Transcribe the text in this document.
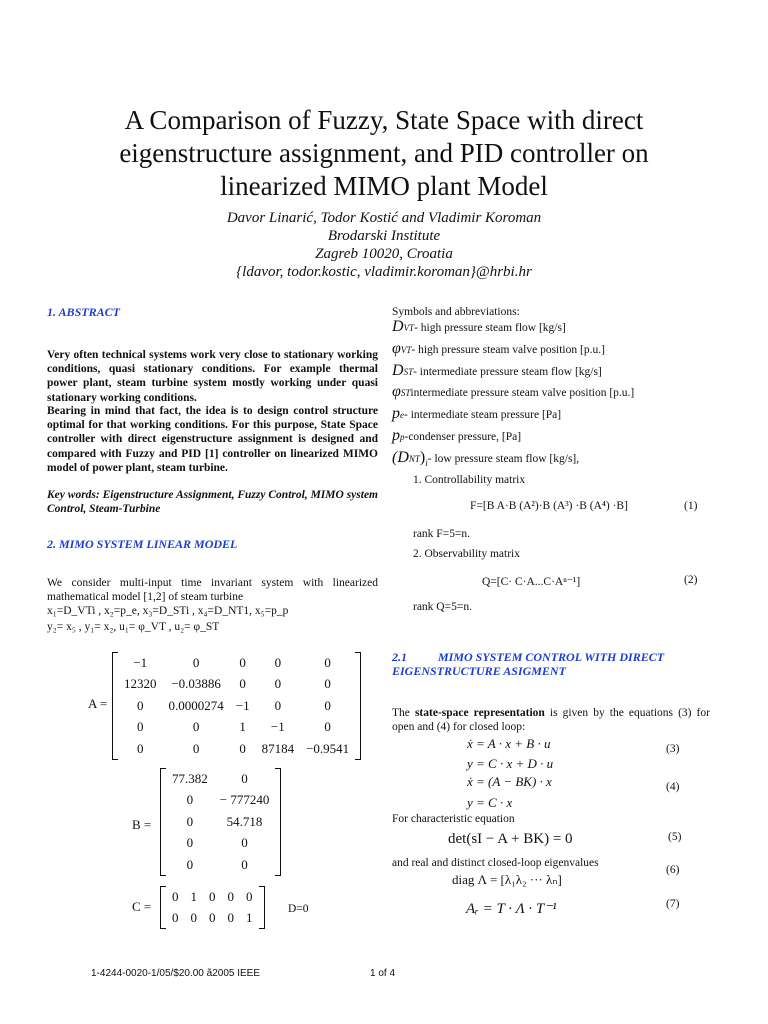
A Comparison of Fuzzy, State Space with direct
eigenstructure assignment, and PID controller on
linearized MIMO plant Model
Davor Linarić, Todor Kostić and Vladimir Koroman
Brodarski Institute
Zagreb 10020, Croatia
{ldavor, todor.kostic, vladimir.koroman}@hrbi.hr
1. ABSTRACT
Very often technical systems work very close to stationary working conditions, quasi stationary conditions. For example thermal power plant, steam turbine system mostly working under quasi stationary working conditions.
Bearing in mind that fact, the idea is to design control structure optimal for that working conditions. For this purpose, State Space controller with direct eigenstructure assignment is designed and compared with Fuzzy and PID [1] controller on linearized MIMO model of power plant, steam turbine.
Key words: Eigenstructure Assignment, Fuzzy Control, MIMO system Control, Steam-Turbine
2. MIMO SYSTEM LINEAR MODEL
We consider multi-input time invariant system with linearized mathematical model [1,2] of steam turbine
x₁=D_VTi , x₂=p_e, x₃=D_STi , x₄=D_NT1, x₅=p_p
y₂= x₅ , y₁= x₂, u₁= φ_VT , u₂= φ_ST
A =
−1	0	0	0	0
12320	−0.03886	0	0	0
0	0.0000274	−1	0	0
0	0	1	−1	0
0	0	0	87184	−0.9541
B =
77.382	0
0	− 777240
0	54.718
0	0
0	0
C =
0	1	0	0	0
0	0	0	0	1
D=0
Symbols and abbreviations:
D VT - high pressure steam flow [kg/s]
φ VT - high pressure steam valve position [p.u.]
D ST - intermediate pressure steam flow [kg/s]
φ ST intermediate pressure steam valve position [p.u.]
p e - intermediate steam pressure [Pa]
p p -condenser pressure, [Pa]
(D NT )$_i$ - low pressure steam flow [kg/s],
1. Controllability matrix
F=[B A·B (A²)·B (A³) ·B (A⁴) ·B]	(1)
rank F=5=n.
2. Observability matrix
Q=[C· C·A...C·Aⁿ⁻¹]	(2)
rank Q=5=n.
2.1	MIMO SYSTEM CONTROL WITH DIRECT
EIGENSTRUCTURE ASIGMENT
The state-space representation is given by the equations (3) for open and (4) for closed loop:
ẋ = A · x + B · u
y = C · x + D · u
(3)
ẋ = (A − BK) · x
y = C · x
(4)
For characteristic equation
det(sI − A + BK) = 0	(5)
and real and distinct closed-loop eigenvalues
diag Λ = [λ₁λ₂ ··· λₙ]
(6)
Aᵣ = T · Λ · T⁻¹	(7)
1-4244-0020-1/05/$20.00 ã2005 IEEE	1 of 4
